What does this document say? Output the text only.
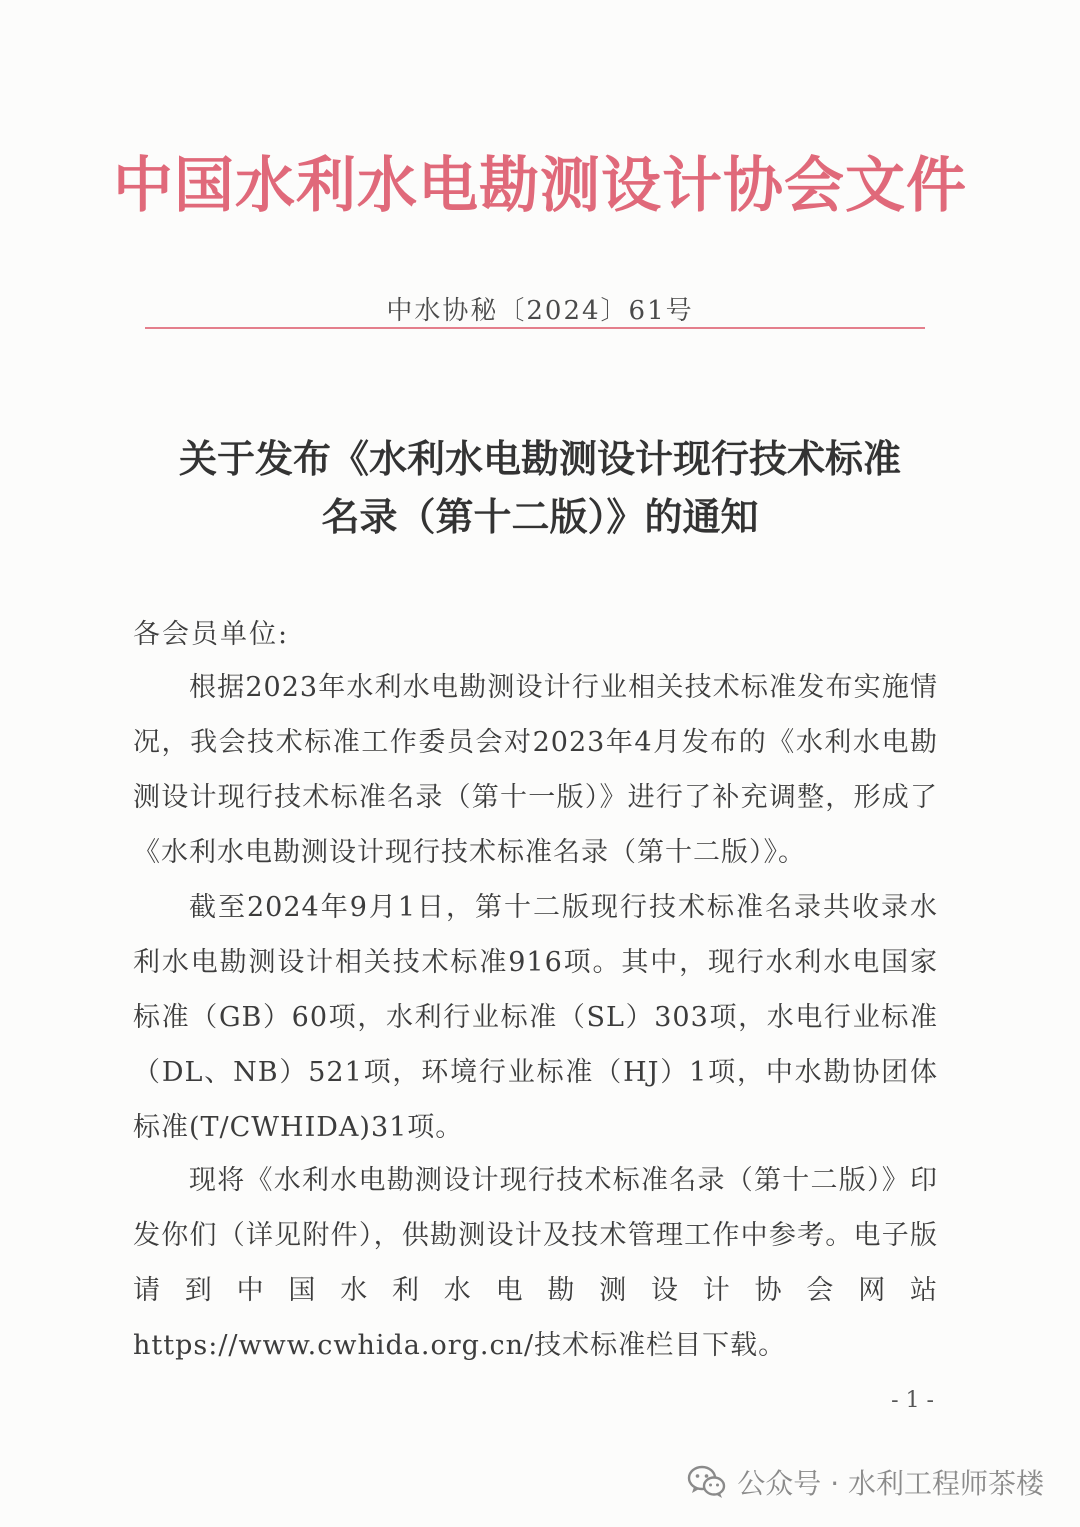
中国水利水电勘测设计协会文件
中水协秘〔2024〕61号
关于发布《水利水电勘测设计现行技术标准
名录（第十二版）》的通知
各会员单位:

根据2023年水利水电勘测设计行业相关技术标准发布实施情况，我会技术标准工作委员会对2023年4月发布的《水利水电勘测设计现行技术标准名录（第十一版）》进行了补充调整，形成了《水利水电勘测设计现行技术标准名录（第十二版）》。

截至2024年9月1日，第十二版现行技术标准名录共收录水利水电勘测设计相关技术标准916项。其中，现行水利水电国家标准（GB）60项，水利行业标准（SL）303项，水电行业标准（DL、NB）521项，环境行业标准（HJ）1项，中水勘协团体标准(T/CWHIDA)31项。

现将《水利水电勘测设计现行技术标准名录（第十二版）》印发你们（详见附件），供勘测设计及技术管理工作中参考。电子版请到中国水利水电勘测设计协会网站https://www.cwhida.org.cn/技术标准栏目下载。

- 1 -
公众号 · 水利工程师茶楼
